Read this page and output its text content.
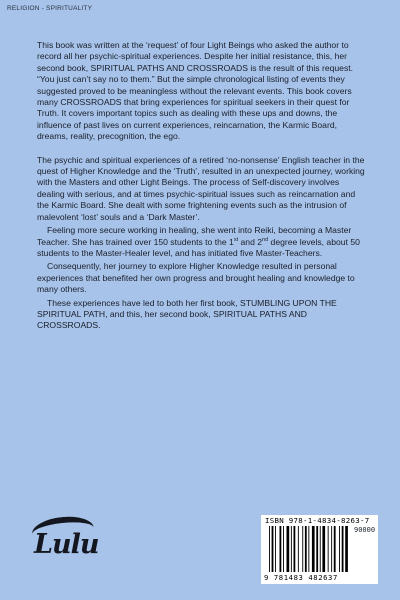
RELIGION - SPIRITUALITY

This book was written at the ‘request’ of four Light Beings who asked the author to record all her psychic-spiritual experiences. Despite her initial resistance, this, her second book, SPIRITUAL PATHS AND CROSSROADS is the result of this request. “You just can’t say no to them.” But the simple chronological listing of events they suggested proved to be meaningless without the relevant events. This book covers many CROSSROADS that bring experiences for spiritual seekers in their quest for Truth. It covers important topics such as dealing with these ups and downs, the influence of past lives on current experiences, reincarnation, the Karmic Board, dreams, reality, precognition, the ego.

The psychic and spiritual experiences of a retired ‘no-nonsense’ English teacher in the quest of Higher Knowledge and the ‘Truth’, resulted in an unexpected journey, working with the Masters and other Light Beings. The process of Self-discovery involves dealing with serious, and at times psychic-spiritual issues such as reincarnation and the Karmic Board. She dealt with some frightening events such as the intrusion of malevolent ‘lost’ souls and a ‘Dark Master’.

Feeling more secure working in healing, she went into Reiki, becoming a Master Teacher. She has trained over 150 students to the 1st and 2nd degree levels, about 50 students to the Master-Healer level, and has initiated five Master-Teachers.

Consequently, her journey to explore Higher Knowledge resulted in personal experiences that benefited her own progress and brought healing and knowledge to many others.

These experiences have led to both her first book, STUMBLING UPON THE SPIRITUAL PATH, and this, her second book, SPIRITUAL PATHS AND CROSSROADS.

Lulu
ISBN 978-1-4834-8263-7
90000
9 781483 482637
